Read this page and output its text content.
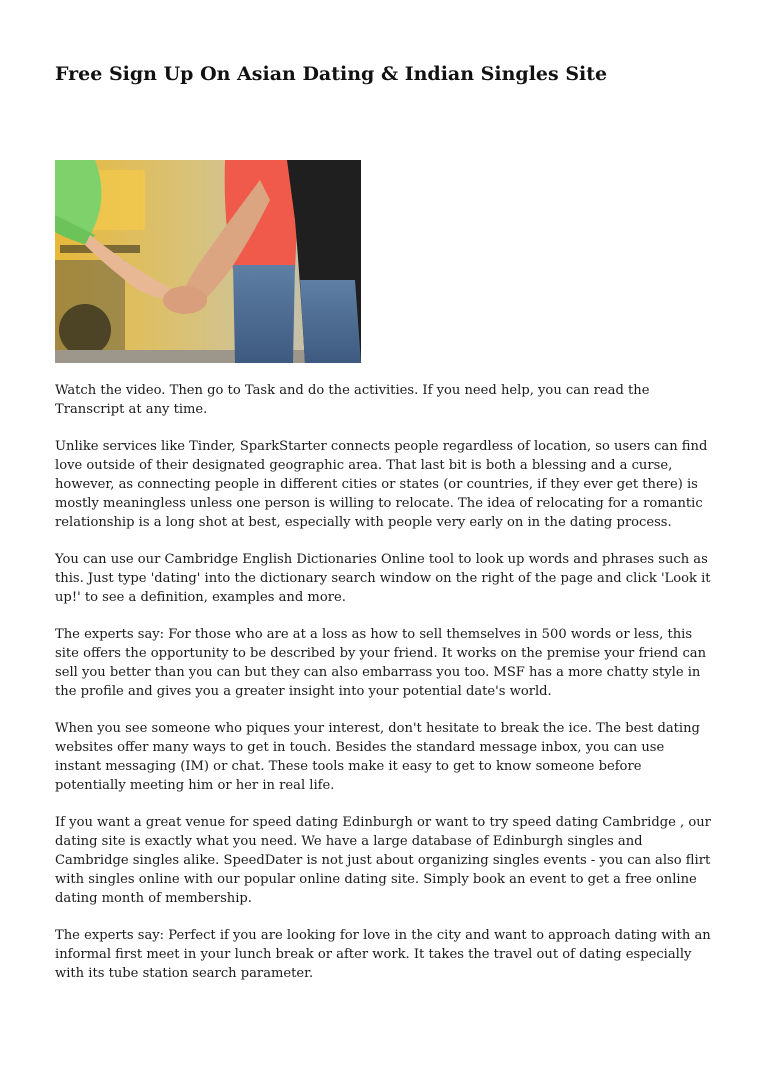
Free Sign Up On Asian Dating & Indian Singles Site

Watch the video. Then go to Task and do the activities. If you need help, you can read the Transcript at any time.

Unlike services like Tinder, SparkStarter connects people regardless of location, so users can find love outside of their designated geographic area. That last bit is both a blessing and a curse, however, as connecting people in different cities or states (or countries, if they ever get there) is mostly meaningless unless one person is willing to relocate. The idea of relocating for a romantic relationship is a long shot at best, especially with people very early on in the dating process.

You can use our Cambridge English Dictionaries Online tool to look up words and phrases such as this. Just type 'dating' into the dictionary search window on the right of the page and click 'Look it up!' to see a definition, examples and more.

The experts say: For those who are at a loss as how to sell themselves in 500 words or less, this site offers the opportunity to be described by your friend. It works on the premise your friend can sell you better than you can but they can also embarrass you too. MSF has a more chatty style in the profile and gives you a greater insight into your potential date's world.

When you see someone who piques your interest, don't hesitate to break the ice. The best dating websites offer many ways to get in touch. Besides the standard message inbox, you can use instant messaging (IM) or chat. These tools make it easy to get to know someone before potentially meeting him or her in real life.

If you want a great venue for speed dating Edinburgh or want to try speed dating Cambridge , our dating site is exactly what you need. We have a large database of Edinburgh singles and Cambridge singles alike. SpeedDater is not just about organizing singles events - you can also flirt with singles online with our popular online dating site. Simply book an event to get a free online dating month of membership.

The experts say: Perfect if you are looking for love in the city and want to approach dating with an informal first meet in your lunch break or after work. It takes the travel out of dating especially with its tube station search parameter.
